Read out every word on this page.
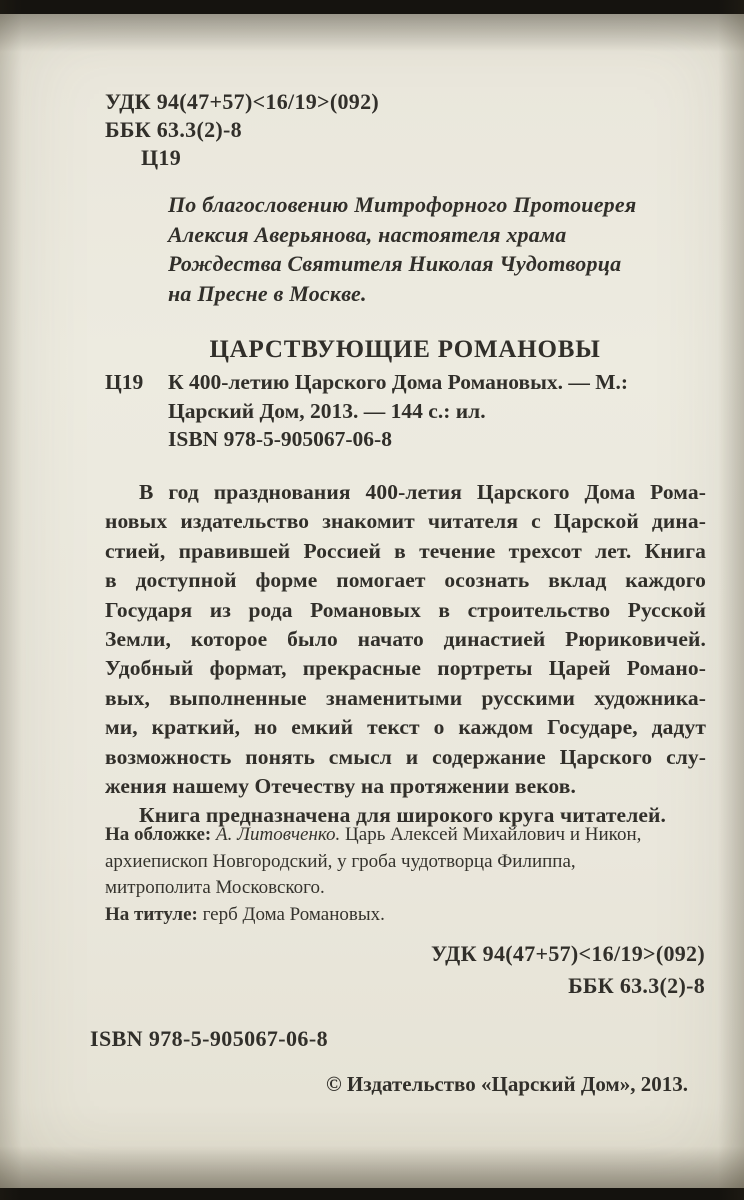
УДК 94(47+57)<16/19>(092)
ББК 63.3(2)-8
Ц19
По благословению Митрофорного Протоиерея
Алексия Аверьянова, настоятеля храма
Рождества Святителя Николая Чудотворца
на Пресне в Москве.
ЦАРСТВУЮЩИЕ РОМАНОВЫ
Ц19 К 400-летию Царского Дома Романовых. — М.:
Царский Дом, 2013. — 144 с.: ил.
ISBN 978-5-905067-06-8
В год празднования 400-летия Царского Дома Рома-
новых издательство знакомит читателя с Царской дина-
стией, правившей Россией в течение трехсот лет. Книга
в доступной форме помогает осознать вклад каждого
Государя из рода Романовых в строительство Русской
Земли, которое было начато династией Рюриковичей.
Удобный формат, прекрасные портреты Царей Романо-
вых, выполненные знаменитыми русскими художника-
ми, краткий, но емкий текст о каждом Государе, дадут
возможность понять смысл и содержание Царского слу-
жения нашему Отечеству на протяжении веков.
Книга предназначена для широкого круга читателей.
На обложке: А. Литовченко. Царь Алексей Михайлович и Никон,
архиепископ Новгородский, у гроба чудотворца Филиппа,
митрополита Московского.
На титуле: герб Дома Романовых.
УДК 94(47+57)<16/19>(092)
ББК 63.3(2)-8
ISBN 978-5-905067-06-8
© Издательство «Царский Дом», 2013.
